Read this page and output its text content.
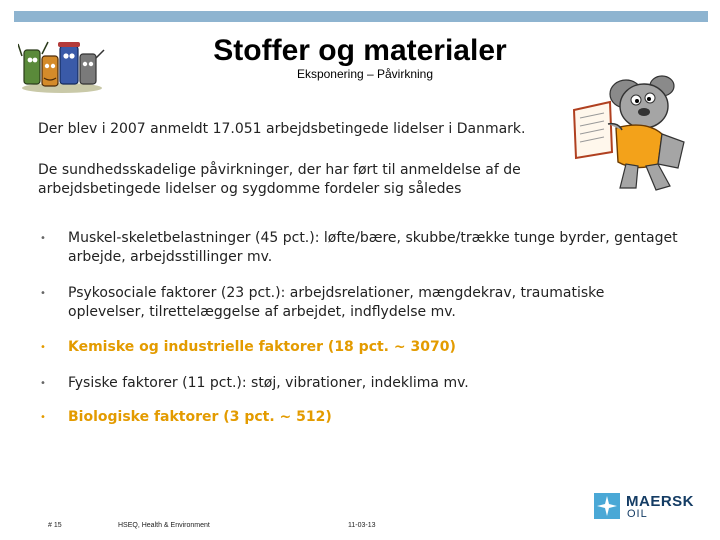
Stoffer og materialer
Eksponering – Påvirkning
Der blev i 2007 anmeldt 17.051 arbejdsbetingede lidelser i Danmark.
De sundhedsskadelige påvirkninger, der har ført til anmeldelse af de arbejdsbetingede lidelser og sygdomme fordeler sig således
• Muskel-skeletbelastninger (45 pct.): løfte/bære, skubbe/trække tunge byrder, gentaget arbejde, arbejdsstillinger mv.
• Psykosociale faktorer (23 pct.): arbejdsrelationer, mængdekrav, traumatiske oplevelser, tilrettelæggelse af arbejdet, indflydelse mv.
• Kemiske og industrielle faktorer (18 pct. ~ 3070)
• Fysiske faktorer (11 pct.): støj, vibrationer, indeklima mv.
• Biologiske faktorer (3 pct. ~ 512)
# 15	HSEQ, Health & Environment	11-03-13
MAERSK
OIL
